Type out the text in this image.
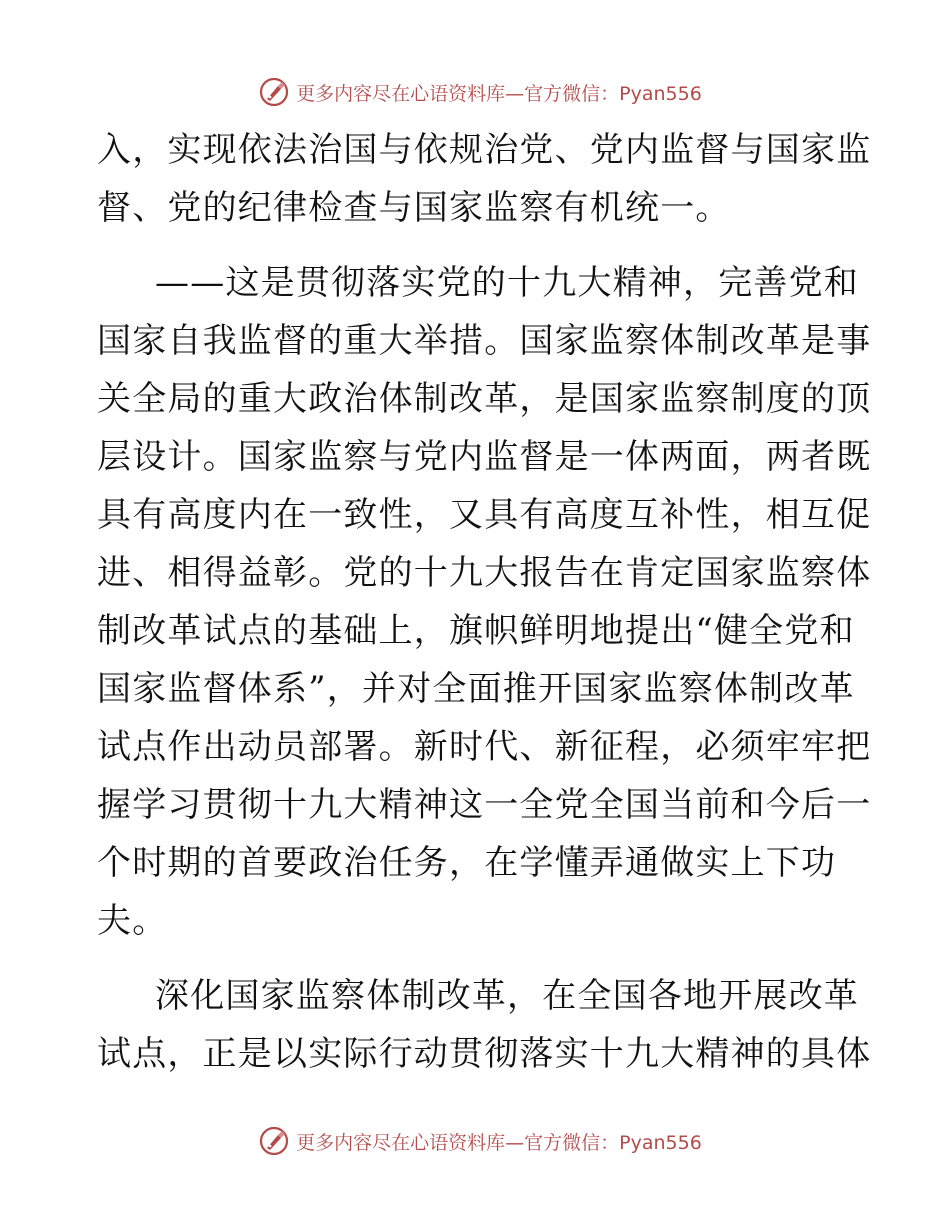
更多内容尽在心语资料库—官方微信：Pyan556
入，实现依法治国与依规治党、党内监督与国家监
督、党的纪律检查与国家监察有机统一。
——这是贯彻落实党的十九大精神，完善党和
国家自我监督的重大举措。国家监察体制改革是事
关全局的重大政治体制改革，是国家监察制度的顶
层设计。国家监察与党内监督是一体两面，两者既
具有高度内在一致性，又具有高度互补性，相互促
进、相得益彰。党的十九大报告在肯定国家监察体
制改革试点的基础上，旗帜鲜明地提出“健全党和
国家监督体系”，并对全面推开国家监察体制改革
试点作出动员部署。新时代、新征程，必须牢牢把
握学习贯彻十九大精神这一全党全国当前和今后一
个时期的首要政治任务，在学懂弄通做实上下功
夫。
深化国家监察体制改革，在全国各地开展改革
试点，正是以实际行动贯彻落实十九大精神的具体
更多内容尽在心语资料库—官方微信：Pyan556
